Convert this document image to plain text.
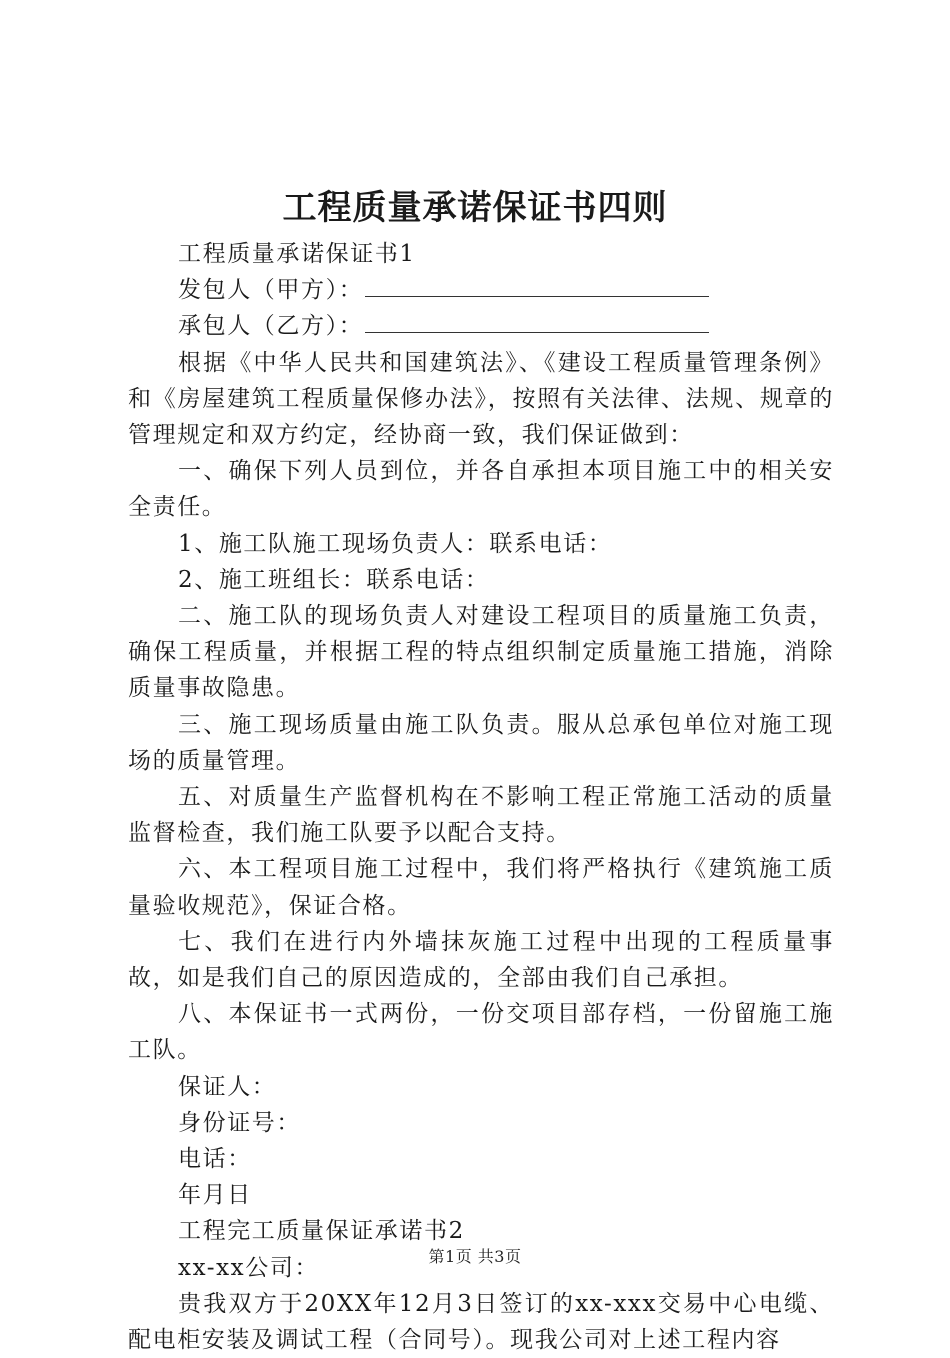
工程质量承诺保证书四则

工程质量承诺保证书1

发包人（甲方）：

承包人（乙方）：

根据《中华人民共和国建筑法》、《建设工程质量管理条例》和《房屋建筑工程质量保修办法》，按照有关法律、法规、规章的管理规定和双方约定，经协商一致，我们保证做到：

一、确保下列人员到位，并各自承担本项目施工中的相关安全责任。

1、施工队施工现场负责人：联系电话：

2、施工班组长：联系电话：

二、施工队的现场负责人对建设工程项目的质量施工负责，确保工程质量，并根据工程的特点组织制定质量施工措施，消除质量事故隐患。

三、施工现场质量由施工队负责。服从总承包单位对施工现场的质量管理。

五、对质量生产监督机构在不影响工程正常施工活动的质量监督检查，我们施工队要予以配合支持。

六、本工程项目施工过程中，我们将严格执行《建筑施工质量验收规范》，保证合格。

七、我们在进行内外墙抹灰施工过程中出现的工程质量事故，如是我们自己的原因造成的，全部由我们自己承担。

八、本保证书一式两份，一份交项目部存档，一份留施工施工队。

保证人：

身份证号：

电话：

年月日

工程完工质量保证承诺书2

xx-xx公司：

贵我双方于20XX年12月3日签订的xx-xxx交易中心电缆、配电柜安装及调试工程（合同号）。现我公司对上述工程内容

第1页 共3页
